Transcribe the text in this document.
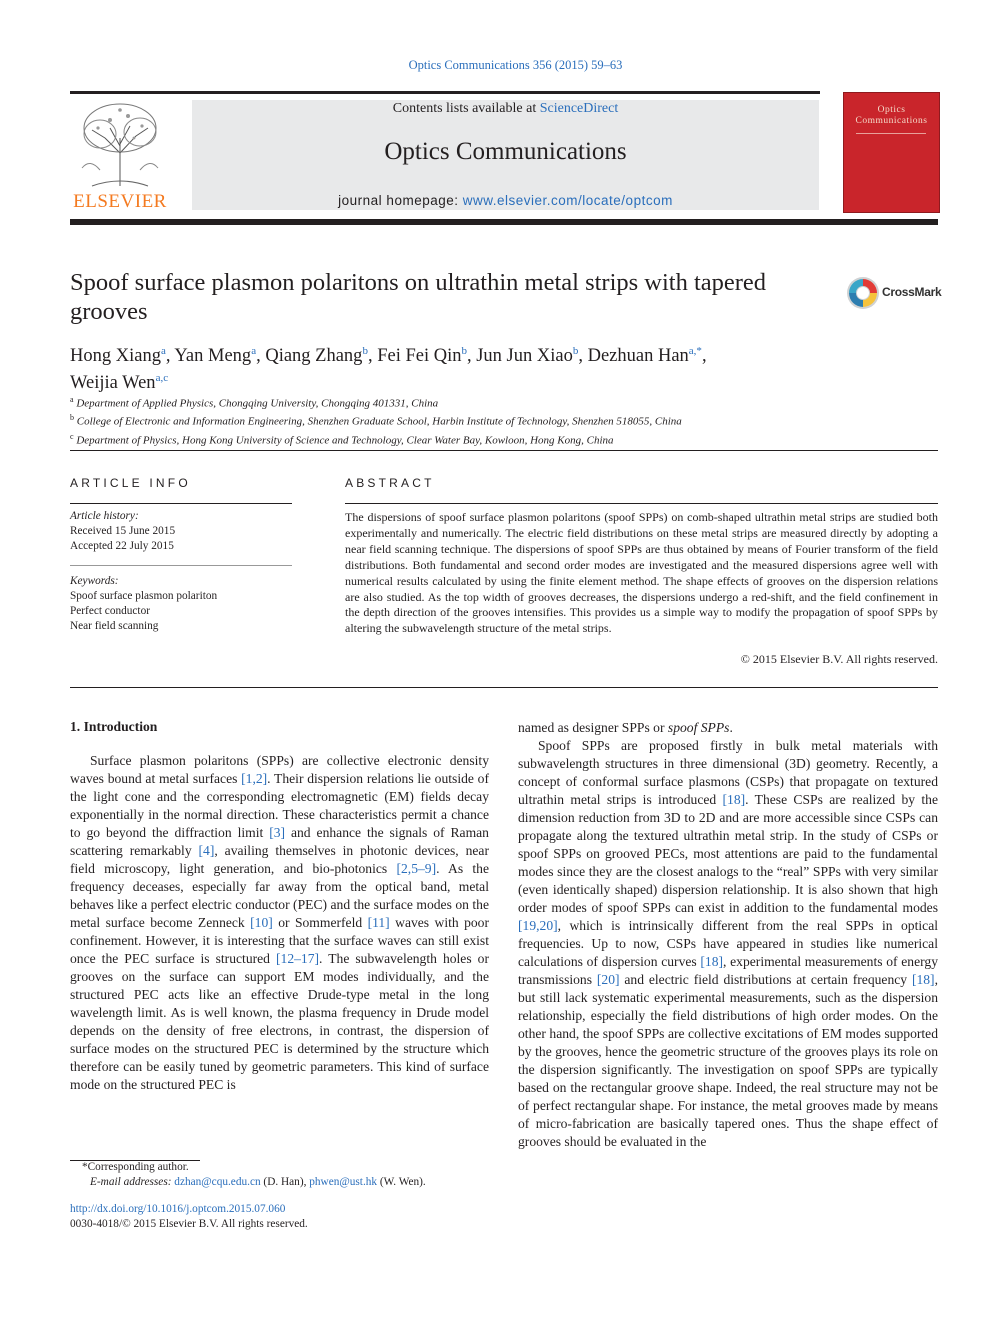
Optics Communications 356 (2015) 59–63
ELSEVIER
Contents lists available at ScienceDirect
Optics Communications
journal homepage: www.elsevier.com/locate/optcom
Optics
Communications
Spoof surface plasmon polaritons on ultrathin metal strips with tapered grooves
CrossMark
Hong Xiang$^a$, Yan Meng$^a$, Qiang Zhang$^b$, Fei Fei Qin$^b$, Jun Jun Xiao$^b$, Dezhuan Han$^{a,*}$,
Weijia Wen$^{a,c}$
$^a$ Department of Applied Physics, Chongqing University, Chongqing 401331, China
$^b$ College of Electronic and Information Engineering, Shenzhen Graduate School, Harbin Institute of Technology, Shenzhen 518055, China
$^c$ Department of Physics, Hong Kong University of Science and Technology, Clear Water Bay, Kowloon, Hong Kong, China
ARTICLE INFO	ABSTRACT
Article history:
Received 15 June 2015
Accepted 22 July 2015
Keywords:
Spoof surface plasmon polariton
Perfect conductor
Near field scanning
The dispersions of spoof surface plasmon polaritons (spoof SPPs) on comb-shaped ultrathin metal strips are studied both experimentally and numerically. The electric field distributions on these metal strips are measured directly by adopting a near field scanning technique. The dispersions of spoof SPPs are thus obtained by means of Fourier transform of the field distributions. Both fundamental and second order modes are investigated and the measured dispersions agree well with numerical results calculated by using the finite element method. The shape effects of grooves on the dispersion relations are also studied. As the top width of grooves decreases, the dispersions undergo a red-shift, and the field confinement in the depth direction of the grooves intensifies. This provides us a simple way to modify the propagation of spoof SPPs by altering the subwavelength structure of the metal strips.
© 2015 Elsevier B.V. All rights reserved.
1. Introduction

Surface plasmon polaritons (SPPs) are collective electronic density waves bound at metal surfaces [1,2]. Their dispersion relations lie outside of the light cone and the corresponding electromagnetic (EM) fields decay exponentially in the normal direction. These characteristics permit a chance to go beyond the diffraction limit [3] and enhance the signals of Raman scattering remarkably [4], availing themselves in photonic devices, near field microscopy, light generation, and bio-photonics [2,5–9]. As the frequency deceases, especially far away from the optical band, metal behaves like a perfect electric conductor (PEC) and the surface modes on the metal surface become Zenneck [10] or Sommerfeld [11] waves with poor confinement. However, it is interesting that the surface waves can still exist once the PEC surface is structured [12–17]. The subwavelength holes or grooves on the surface can support EM modes individually, and the structured PEC acts like an effective Drude-type metal in the long wavelength limit. As is well known, the plasma frequency in Drude model depends on the density of free electrons, in contrast, the dispersion of surface modes on the structured PEC is determined by the structure which therefore can be easily tuned by geometric parameters. This kind of surface mode on the structured PEC is

named as designer SPPs or spoof SPPs.

Spoof SPPs are proposed firstly in bulk metal materials with subwavelength structures in three dimensional (3D) geometry. Recently, a concept of conformal surface plasmons (CSPs) that propagate on textured ultrathin metal strips is introduced [18]. These CSPs are realized by the dimension reduction from 3D to 2D and are more accessible since CSPs can propagate along the textured ultrathin metal strip. In the study of CSPs or spoof SPPs on grooved PECs, most attentions are paid to the fundamental modes since they are the closest analogs to the “real” SPPs with very similar (even identically shaped) dispersion relationship. It is also shown that high order modes of spoof SPPs can exist in addition to the fundamental modes [19,20], which is intrinsically different from the real SPPs in optical frequencies. Up to now, CSPs have appeared in studies like numerical calculations of dispersion curves [18], experimental measurements of energy transmissions [20] and electric field distributions at certain frequency [18], but still lack systematic experimental measurements, such as the dispersion relationship, especially the field distributions of high order modes. On the other hand, the spoof SPPs are collective excitations of EM modes supported by the grooves, hence the geometric structure of the grooves plays its role on the dispersion significantly. The investigation on spoof SPPs are typically based on the rectangular groove shape. Indeed, the real structure may not be of perfect rectangular shape. For instance, the metal grooves made by means of micro-fabrication are basically tapered ones. Thus the shape effect of grooves should be evaluated in the

*Corresponding author.
E-mail addresses: dzhan@cqu.edu.cn (D. Han), phwen@ust.hk (W. Wen).
http://dx.doi.org/10.1016/j.optcom.2015.07.060
0030-4018/© 2015 Elsevier B.V. All rights reserved.
